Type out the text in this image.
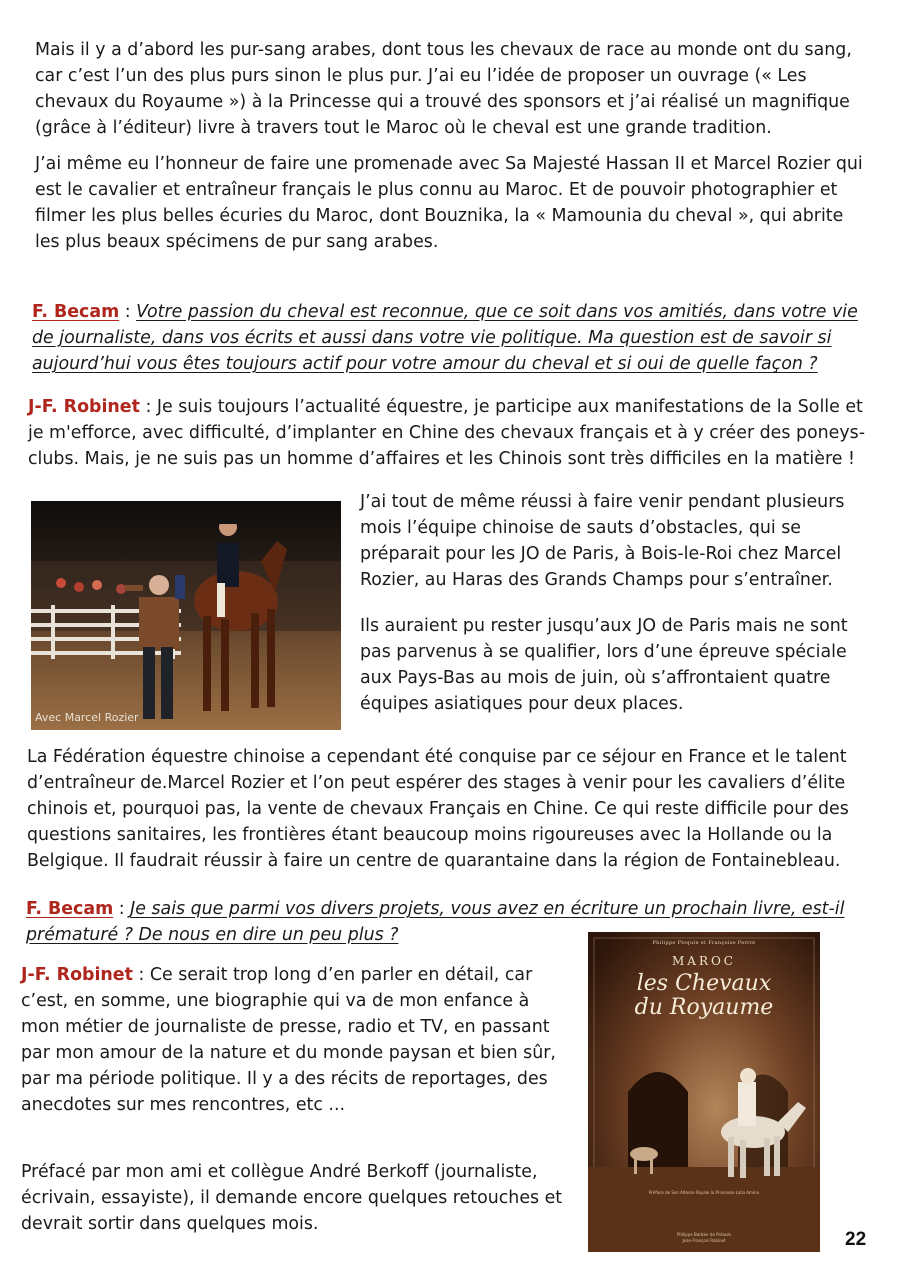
Mais il y a d’abord les pur-sang arabes, dont tous les chevaux de race au monde ont du sang, car c’est l’un des plus purs sinon le plus pur. J’ai eu l’idée de proposer un ouvrage (« Les chevaux du Royaume ») à la Princesse qui a trouvé des sponsors et j’ai réalisé un magnifique (grâce à l’éditeur) livre à travers tout le Maroc où le cheval est une grande tradition.

J’ai même eu l’honneur de faire une promenade avec Sa Majesté Hassan II et Marcel Rozier qui est le cavalier et entraîneur français le plus connu au Maroc. Et de pouvoir photographier et filmer les plus belles écuries du Maroc, dont Bouznika, la « Mamounia du cheval », qui abrite les plus beaux spécimens de pur sang arabes.

F. Becam : Votre passion du cheval est reconnue, que ce soit dans vos amitiés, dans votre vie de journaliste, dans vos écrits et aussi dans votre vie politique. Ma question est de savoir si aujourd’hui vous êtes toujours actif pour votre amour du cheval et si oui de quelle façon ?

J-F. Robinet : Je suis toujours l’actualité équestre, je participe aux manifestations de la Solle et je m'efforce, avec difficulté, d’implanter en Chine des chevaux français et à y créer des poneys-clubs. Mais, je ne suis pas un homme d’affaires et les Chinois sont très difficiles en la matière !
Avec Marcel Rozier

J’ai tout de même réussi à faire venir pendant plusieurs mois l’équipe chinoise de sauts d’obstacles, qui se préparait pour les JO de Paris, à Bois-le-Roi chez Marcel Rozier, au Haras des Grands Champs pour s’entraîner.

Ils auraient pu rester jusqu’aux JO de Paris mais ne sont pas parvenus à se qualifier, lors d’une épreuve spéciale aux Pays-Bas au mois de juin, où s’affrontaient quatre équipes asiatiques pour deux places.

La Fédération équestre chinoise a cependant été conquise par ce séjour en France et le talent d’entraîneur de.Marcel Rozier et l’on peut espérer des stages à venir pour les cavaliers d’élite chinois et, pourquoi pas, la vente de chevaux Français en Chine. Ce qui reste difficile pour des questions sanitaires, les frontières étant beaucoup moins rigoureuses avec la Hollande ou la Belgique. Il faudrait réussir à faire un centre de quarantaine dans la région de Fontainebleau.

F. Becam : Je sais que parmi vos divers projets, vous avez en écriture un prochain livre, est-il prématuré ? De nous en dire un peu plus ?

J-F. Robinet : Ce serait trop long d’en parler en détail, car c’est, en somme, une biographie qui va de mon enfance à mon métier de journaliste de presse, radio et TV, en passant par mon amour de la nature et du monde paysan et bien sûr, par ma période politique. Il y a des récits de reportages, des anecdotes sur mes rencontres, etc ...

Préfacé par mon ami et collègue André Berkoff (journaliste, écrivain, essayiste), il demande encore quelques retouches et devrait sortir dans quelques mois.

Philippe Ploquin et Françoise Perrot
MAROC
les Chevaux
du Royaume
Préface de Son Altesse Royale la Princesse Lalla Amina
Philippe Barbier de Préaulx
Jean-François Robinet	22
